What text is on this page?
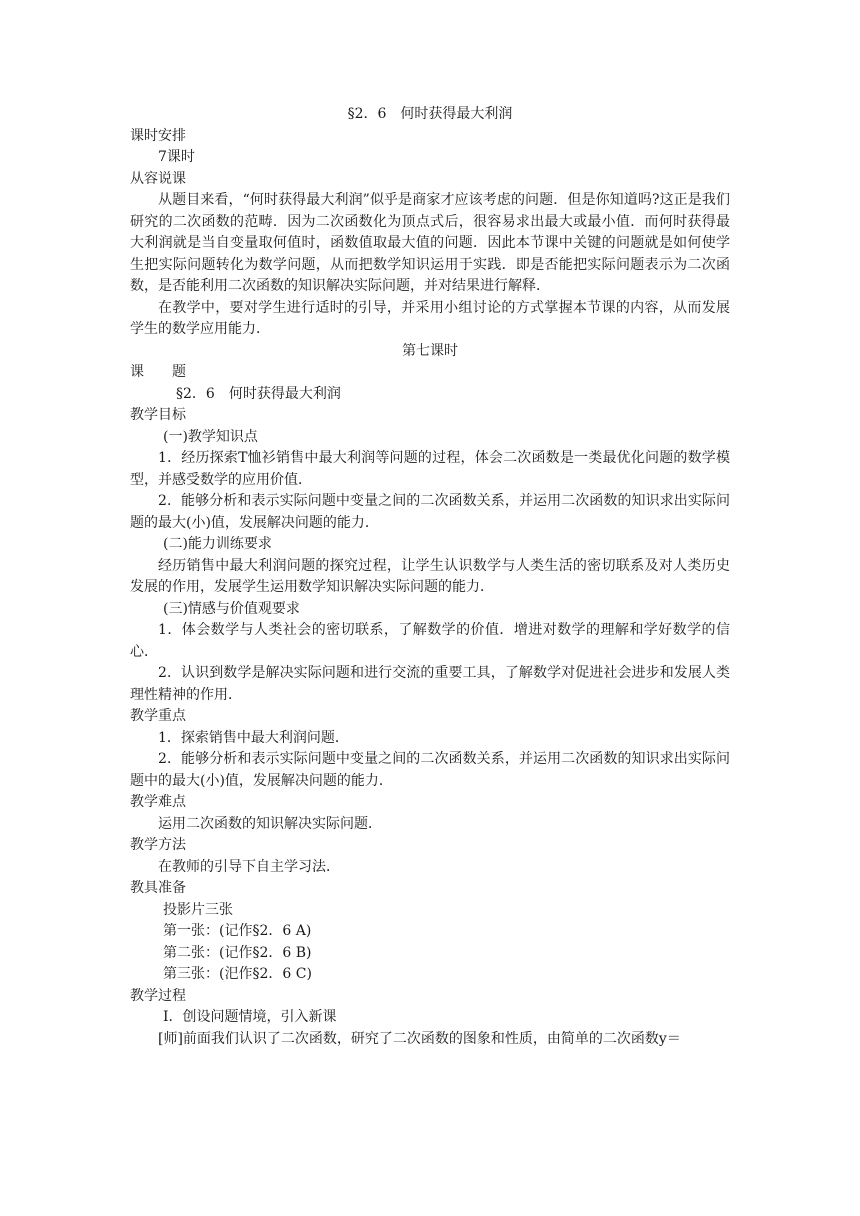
§2．6　何时获得最大利润
课时安排
7课时
从容说课

从题目来看，“何时获得最大利润”似乎是商家才应该考虑的问题．但是你知道吗?这正是我们研究的二次函数的范畴．因为二次函数化为顶点式后，很容易求出最大或最小值．而何时获得最大利润就是当自变量取何值时，函数值取最大值的问题．因此本节课中关键的问题就是如何使学生把实际问题转化为数学问题，从而把数学知识运用于实践．即是否能把实际问题表示为二次函数，是否能利用二次函数的知识解决实际问题，并对结果进行解释．

在教学中，要对学生进行适时的引导，并采用小组讨论的方式掌握本节课的内容，从而发展学生的数学应用能力．

第七课时
课　　题
§2．6　何时获得最大利润
教学目标
(一)教学知识点

1．经历探索T恤衫销售中最大利润等问题的过程，体会二次函数是一类最优化问题的数学模型，并感受数学的应用价值．

2．能够分析和表示实际问题中变量之间的二次函数关系，并运用二次函数的知识求出实际问题的最大(小)值，发展解决问题的能力．

(二)能力训练要求

经历销售中最大利润问题的探究过程，让学生认识数学与人类生活的密切联系及对人类历史发展的作用，发展学生运用数学知识解决实际问题的能力．

(三)情感与价值观要求

1．体会数学与人类社会的密切联系，了解数学的价值．增进对数学的理解和学好数学的信心．

2．认识到数学是解决实际问题和进行交流的重要工具，了解数学对促进社会进步和发展人类理性精神的作用．

教学重点

1．探索销售中最大利润问题．

2．能够分析和表示实际问题中变量之间的二次函数关系，并运用二次函数的知识求出实际问题中的最大(小)值，发展解决问题的能力．

教学难点

运用二次函数的知识解决实际问题．

教学方法

在教师的引导下自主学习法．

教具准备
投影片三张
第一张：(记作§2．6 A)
第二张：(记作§2．6 B)
第三张：(汜作§2．6 C)
教学过程
Ⅰ．创设问题情境，引入新课

[师]前面我们认识了二次函数，研究了二次函数的图象和性质，由简单的二次函数y＝
